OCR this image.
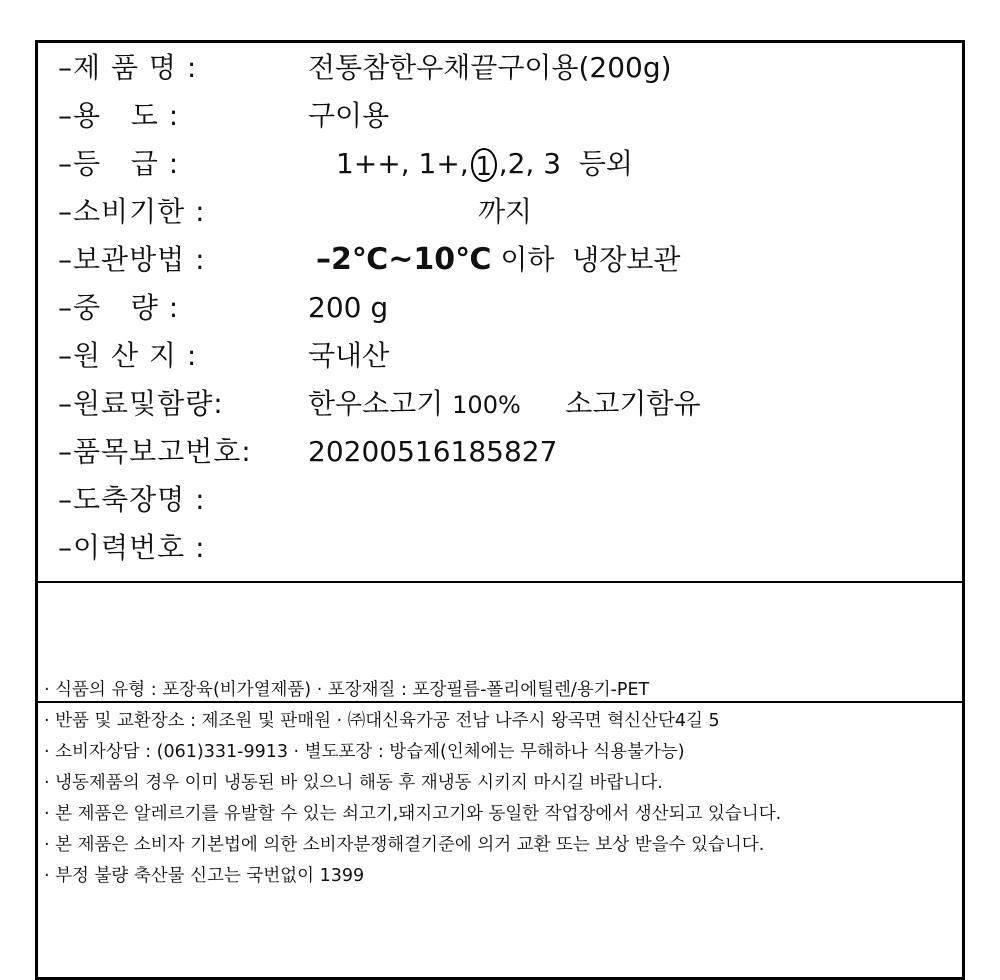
–제 품 명 :	전통참한우채끝구이용(200g)
–용   도 :	구이용
–등   급 :	1++, 1+, 1 ,2, 3  등외
–소비기한 :	까지
–보관방법 :	–2℃~10℃ 이하  냉장보관
–중   량 :	200 g
–원 산 지 :	국내산
–원료및함량:	한우소고기 100%     소고기함유
–품목보고번호: 20200516185827
–도축장명 :
–이력번호 :
· 식품의 유형 : 포장육(비가열제품) · 포장재질 : 포장필름-폴리에틸렌/용기-PET
· 반품 및 교환장소 : 제조원 및 판매원 · ㈜대신육가공 전남 나주시 왕곡면 혁신산단4길 5
· 소비자상담 : (061)331-9913 · 별도포장 : 방습제(인체에는 무해하나 식용불가능)
· 냉동제품의 경우 이미 냉동된 바 있으니 해동 후 재냉동 시키지 마시길 바랍니다.
· 본 제품은 알레르기를 유발할 수 있는 쇠고기,돼지고기와 동일한 작업장에서 생산되고 있습니다.
· 본 제품은 소비자 기본법에 의한 소비자분쟁해결기준에 의거 교환 또는 보상 받을수 있습니다.
· 부정 불량 축산물 신고는 국번없이 1399
